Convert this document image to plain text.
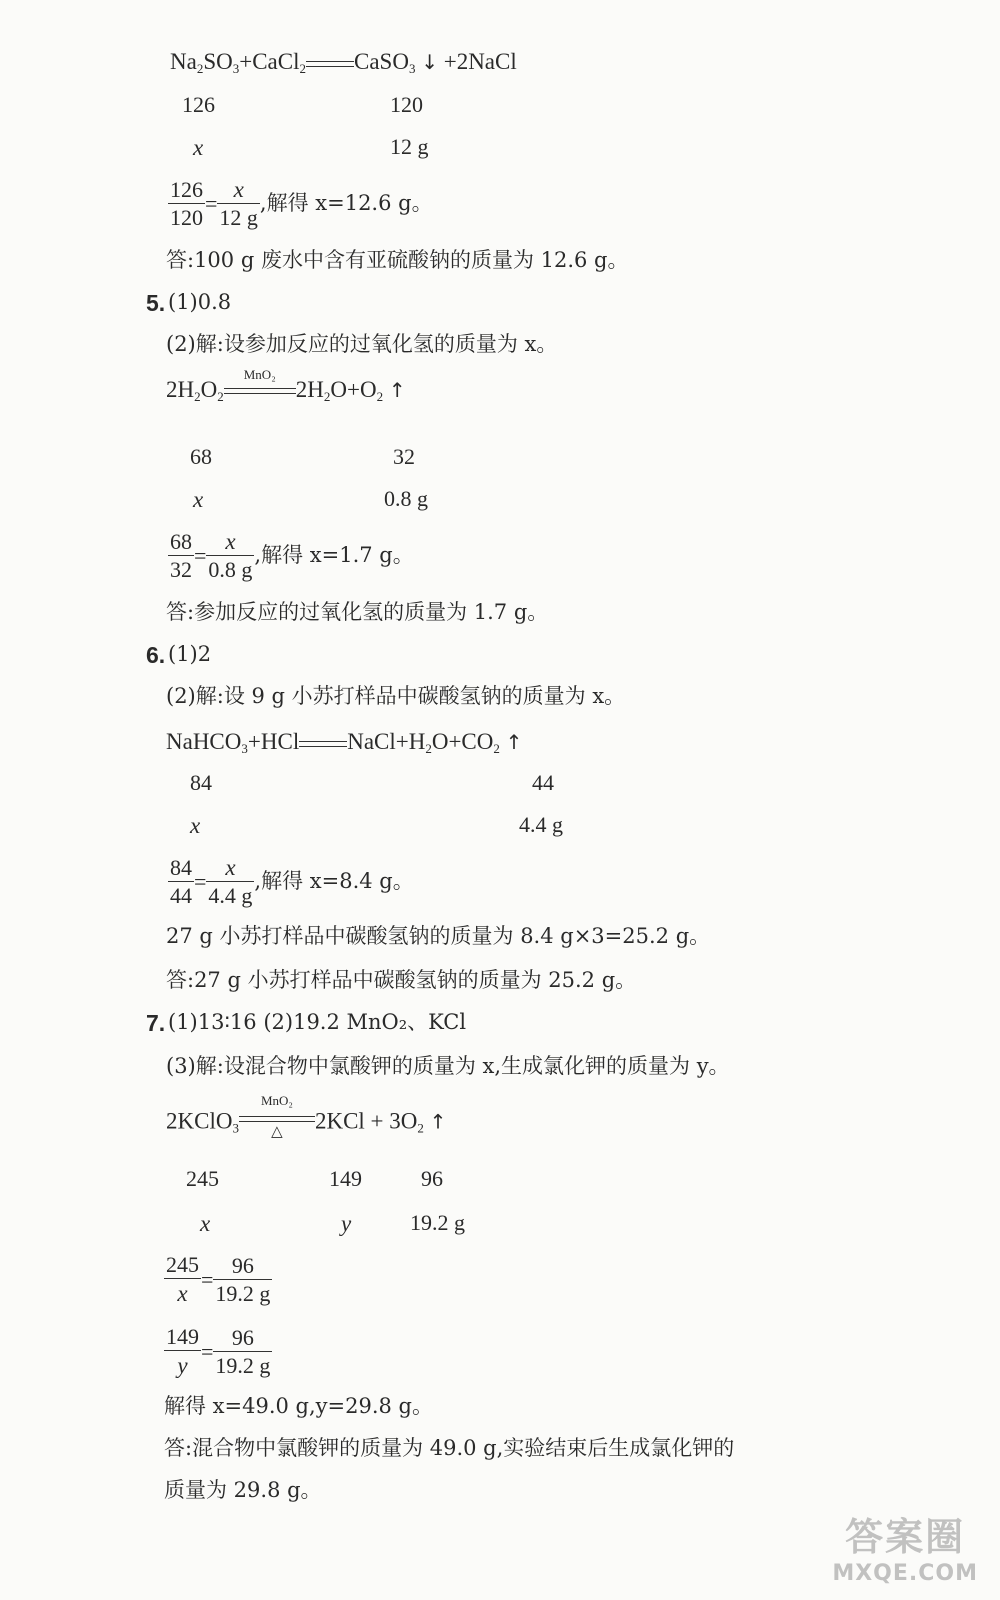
$Na_2SO_3+CaCl_2$ CaSO$_3$ ↓ +2NaCl
126	120
x	12 g
$\frac{126}{120} = \frac{x}{12 g}$ ,解得 x=12.6 g。
答:100 g 废水中含有亚硫酸钠的质量为 12.6 g。
5. (1)0.8
(2)解:设参加反应的过氧化氢的质量为 x。
$2H_2O_2$
MnO₂
$2H_2O+O_2$ ↑
68	32
x	0.8 g
$\frac{68}{32} = \frac{x}{0.8 g}$ ,解得 x=1.7 g。
答:参加反应的过氧化氢的质量为 1.7 g。
6. (1)2
(2)解:设 9 g 小苏打样品中碳酸氢钠的质量为 x。
NaHCO$_3$+HCl $NaCl+H_2O+CO_2$ ↑
84	44
x	4.4 g
$\frac{84}{44} = \frac{x}{4.4 g}$ ,解得 x=8.4 g。
27 g 小苏打样品中碳酸氢钠的质量为 8.4 g×3=25.2 g。
答:27 g 小苏打样品中碳酸氢钠的质量为 25.2 g。
7. (1)13∶16 (2)19.2 MnO₂、KCl
(3)解:设混合物中氯酸钾的质量为 x,生成氯化钾的质量为 y。
2KClO$_3$
MnO₂
△	$2KCl + 3O_2$ ↑
245	149	96
x	y	19.2 g
$\frac{245}{x} = \frac{96}{19.2 g}$
$\frac{149}{y} = \frac{96}{19.2 g}$
解得 x=49.0 g,y=29.8 g。
答:混合物中氯酸钾的质量为 49.0 g,实验结束后生成氯化钾的
质量为 29.8 g。
答案圈
MXQE.COM
